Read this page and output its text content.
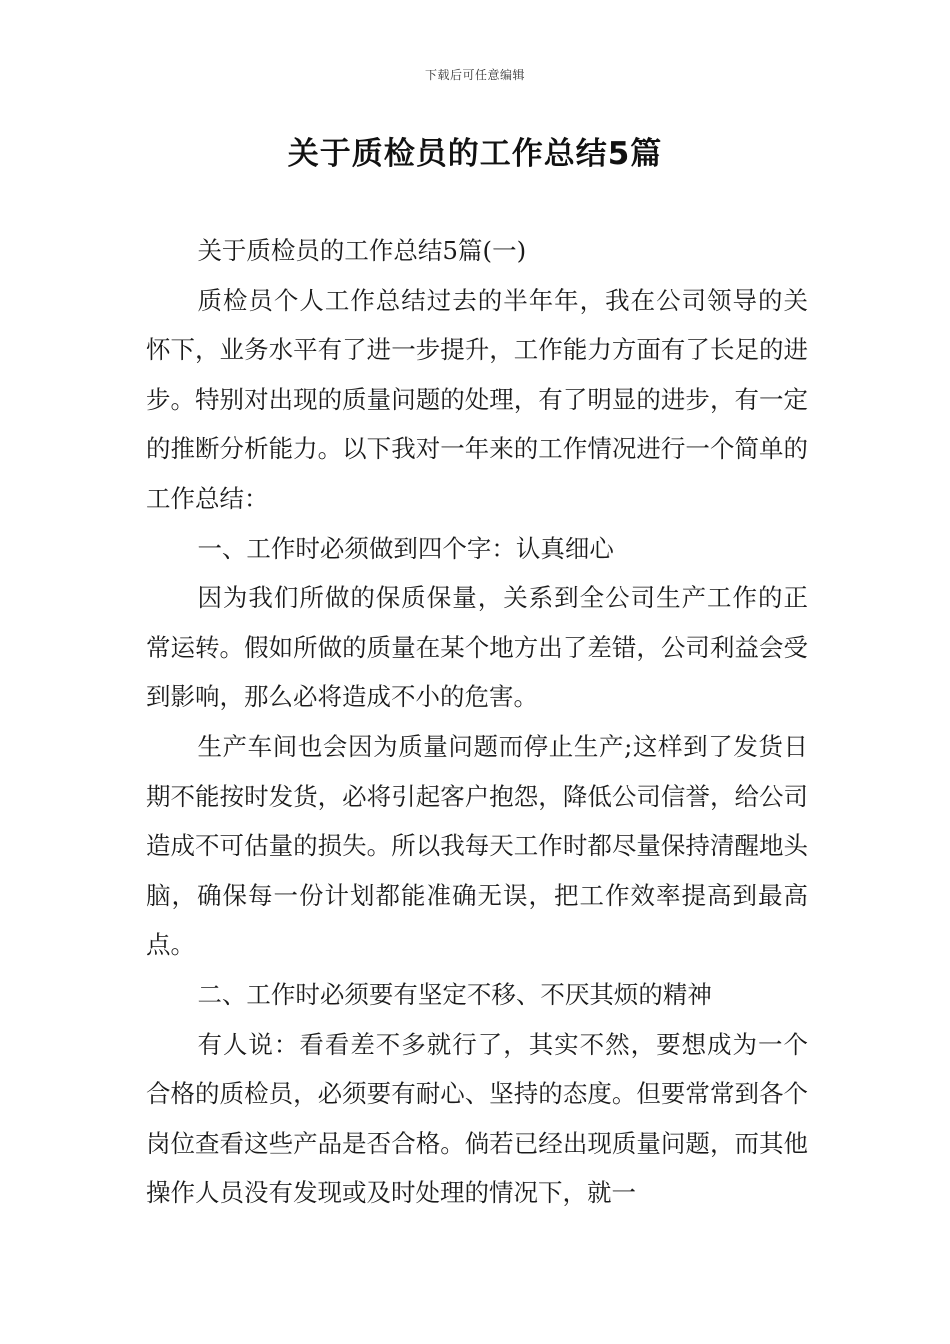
下载后可任意编辑
关于质检员的工作总结5篇

关于质检员的工作总结5篇(一)

质检员个人工作总结过去的半年年，我在公司领导的关怀下，业务水平有了进一步提升，工作能力方面有了长足的进步。特别对出现的质量问题的处理，有了明显的进步，有一定的推断分析能力。以下我对一年来的工作情况进行一个简单的工作总结：

一、工作时必须做到四个字：认真细心

因为我们所做的保质保量，关系到全公司生产工作的正常运转。假如所做的质量在某个地方出了差错，公司利益会受到影响，那么必将造成不小的危害。

生产车间也会因为质量问题而停止生产;这样到了发货日期不能按时发货，必将引起客户抱怨，降低公司信誉，给公司造成不可估量的损失。所以我每天工作时都尽量保持清醒地头脑，确保每一份计划都能准确无误，把工作效率提高到最高点。

二、工作时必须要有坚定不移、不厌其烦的精神

有人说：看看差不多就行了，其实不然，要想成为一个合格的质检员，必须要有耐心、坚持的态度。但要常常到各个岗位查看这些产品是否合格。倘若已经出现质量问题，而其他操作人员没有发现或及时处理的情况下，就一
